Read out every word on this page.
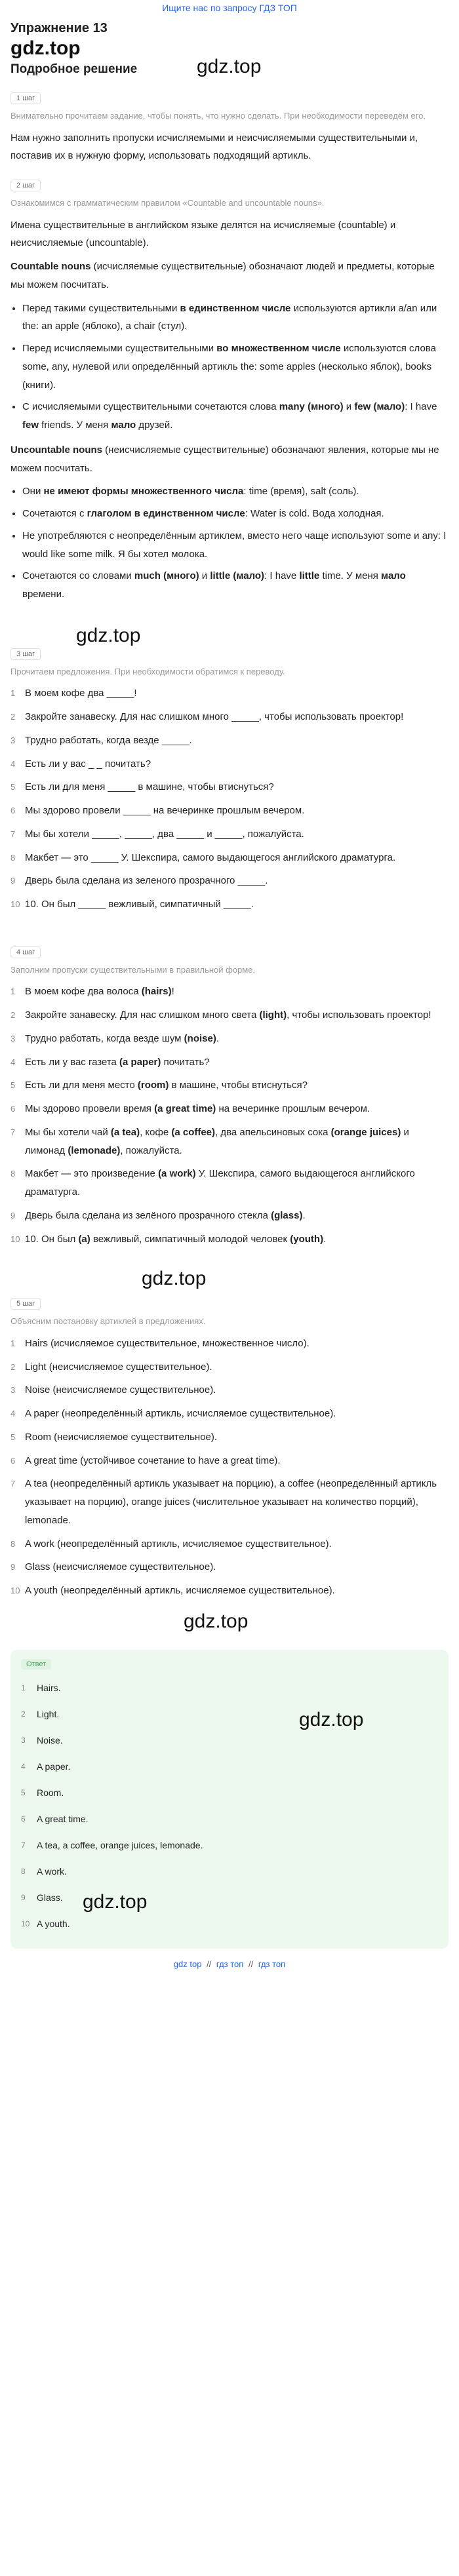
Ищите нас по запросу ГДЗ ТОП
Упражнение 13
gdz.top
Подробное решение	gdz.top
1 шаг

Внимательно прочитаем задание, чтобы понять, что нужно сделать. При необходимости переведём его.

Нам нужно заполнить пропуски исчисляемыми и неисчисляемыми существительными и, поставив их в нужную форму, использовать подходящий артикль.

2 шаг

Ознакомимся с грамматическим правилом «Countable and uncountable nouns».

Имена существительные в английском языке делятся на исчисляемые (countable) и неисчисляемые (uncountable).

Countable nouns (исчисляемые существительные) обозначают людей и предметы, которые мы можем посчитать.

• Перед такими существительными в единственном числе используются артикли a/an или the: an apple (яблоко), a chair (стул).
• Перед исчисляемыми существительными во множественном числе используются слова some, any, нулевой или определённый артикль the: some apples (несколько яблок), books (книги).
• С исчисляемыми существительными сочетаются слова many (много) и few (мало): I have few friends. У меня мало друзей.

Uncountable nouns (неисчисляемые существительные) обозначают явления, которые мы не можем посчитать.

• Они не имеют формы множественного числа: time (время), salt (соль).
• Сочетаются с глаголом в единственном числе: Water is cold. Вода холодная.
• Не употребляются с неопределённым артиклем, вместо него чаще используют some и any: I would like some milk. Я бы хотел молока.
• Сочетаются со словами much (много) и little (мало): I have little time. У меня мало времени.
gdz.top
3 шаг

Прочитаем предложения. При необходимости обратимся к переводу.

1 В моем кофе два _____!
2 Закройте занавеску. Для нас слишком много _____, чтобы использовать проектор!
3 Трудно работать, когда везде _____.
4 Есть ли у вас _ _ почитать?
5 Есть ли для меня _____ в машине, чтобы втиснуться?
6 Мы здорово провели _____ на вечеринке прошлым вечером.
7 Мы бы хотели _____, _____, два _____ и _____, пожалуйста.
8 Макбет — это _____ У. Шекспира, самого выдающегося английского драматурга.
9 Дверь была сделана из зеленого прозрачного _____.
10 10. Он был _____ вежливый, симпатичный _____.
4 шаг

Заполним пропуски существительными в правильной форме.

1 В моем кофе два волоса (hairs)!
2 Закройте занавеску. Для нас слишком много света (light), чтобы использовать проектор!
3 Трудно работать, когда везде шум (noise).
4 Есть ли у вас газета (a paper) почитать?
5 Есть ли для меня место (room) в машине, чтобы втиснуться?
6 Мы здорово провели время (a great time) на вечеринке прошлым вечером.
7 Мы бы хотели чай (a tea), кофе (a coffee), два апельсиновых сока (orange juices) и лимонад (lemonade), пожалуйста.
8 Макбет — это произведение (a work) У. Шекспира, самого выдающегося английского драматурга.
9 Дверь была сделана из зелёного прозрачного стекла (glass).
10 10. Он был (a) вежливый, симпатичный молодой человек (youth).
gdz.top
5 шаг

Объясним постановку артиклей в предложениях.

1 Hairs (исчисляемое существительное, множественное число).
2 Light (неисчисляемое существительное).
3 Noise (неисчисляемое существительное).
4 A paper (неопределённый артикль, исчисляемое существительное).
5 Room (неисчисляемое существительное).
6 A great time (устойчивое сочетание to have a great time).
7 A tea (неопределённый артикль указывает на порцию), a coffee (неопределённый артикль указывает на порцию), orange juices (числительное указывает на количество порций), lemonade.
8 A work (неопределённый артикль, исчисляемое существительное).
9 Glass (неисчисляемое существительное).
10 A youth (неопределённый артикль, исчисляемое существительное).
gdz.top
Ответ
gdz.top
gdz.top
1	Hairs.
2	Light.
3	Noise.
4	A paper.
5	Room.
6	A great time.
7	A tea, a coffee, orange juices, lemonade.
8	A work.
9	Glass.
10 A youth.
gdz top // гдз топ // гдз топ
